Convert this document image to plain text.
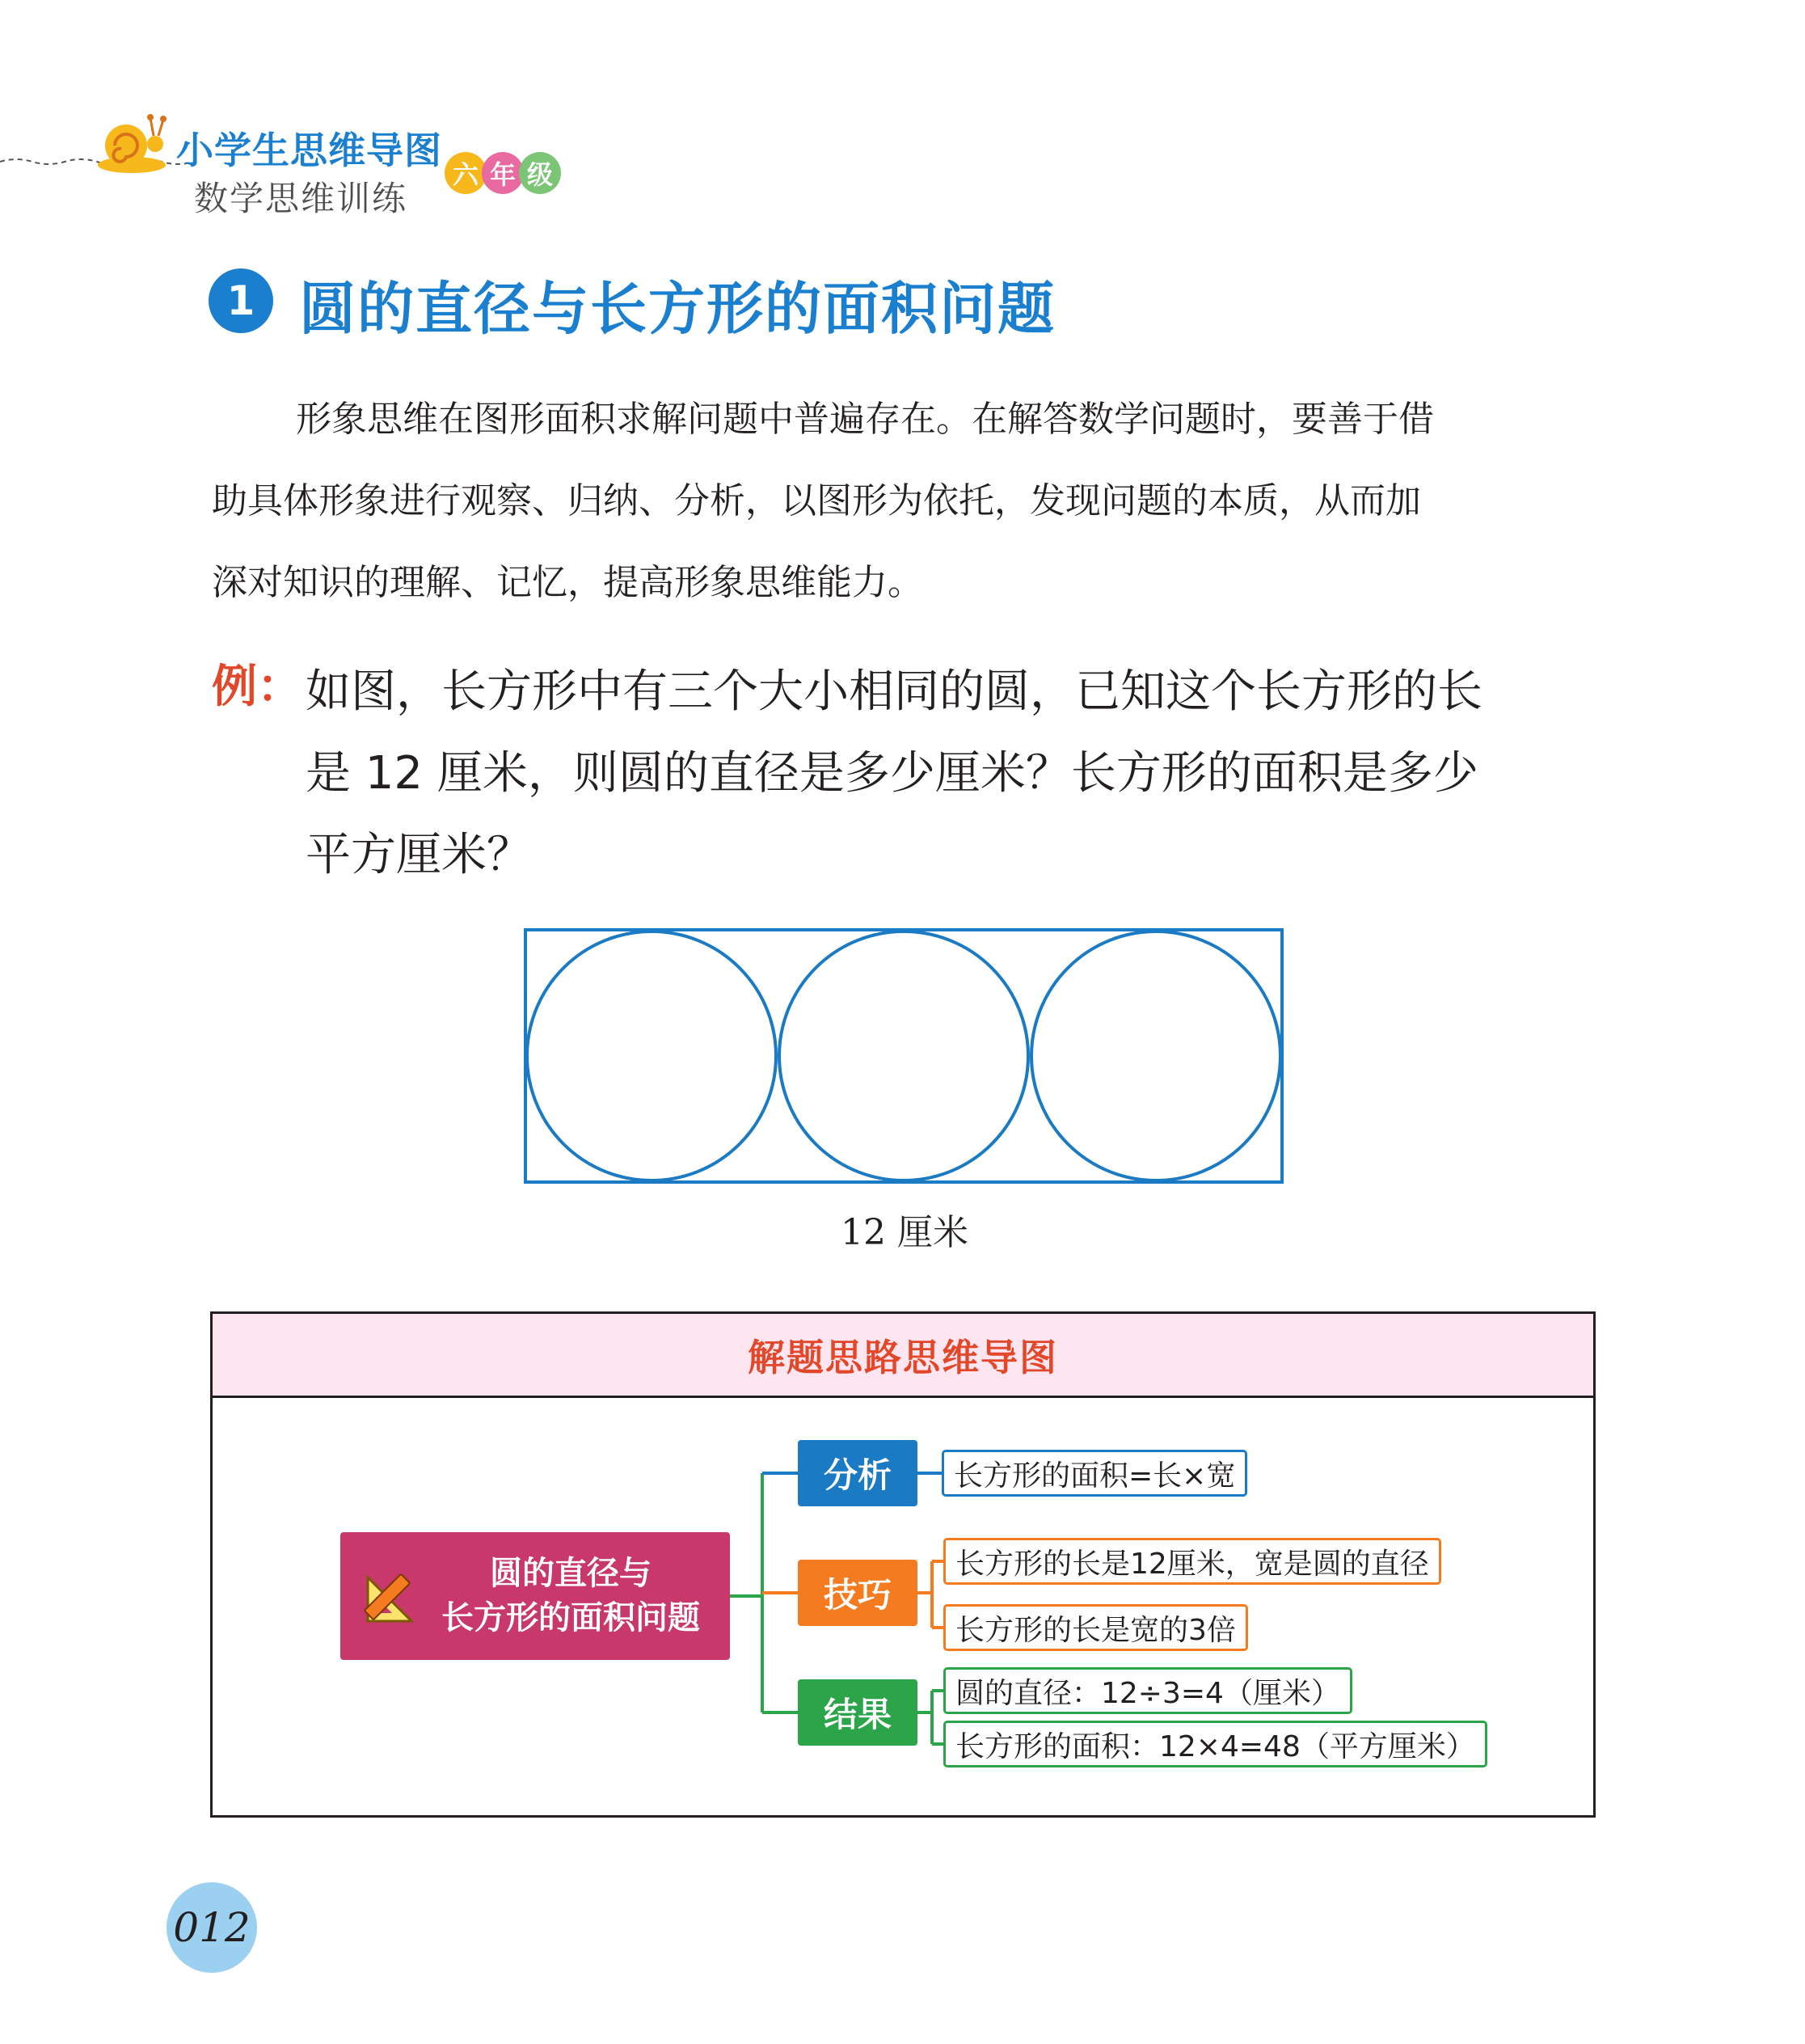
小学生思维导图
数学思维训练
六 年 级
1 圆的直径与长方形的面积问题
形象思维在图形面积求解问题中普遍存在。在解答数学问题时，要善于借
助具体形象进行观察、归纳、分析，以图形为依托，发现问题的本质，从而加
深对知识的理解、记忆，提高形象思维能力。
例： 如图，长方形中有三个大小相同的圆，已知这个长方形的长
是 12 厘米，则圆的直径是多少厘米？长方形的面积是多少
平方厘米？
12 厘米
解题思路思维导图
圆的直径与
长方形的面积问题
分析
技巧
结果
长方形的面积=长×宽
长方形的长是12厘米，宽是圆的直径
长方形的长是宽的3倍
圆的直径：12÷3=4（厘米）
长方形的面积：12×4=48（平方厘米）
012
